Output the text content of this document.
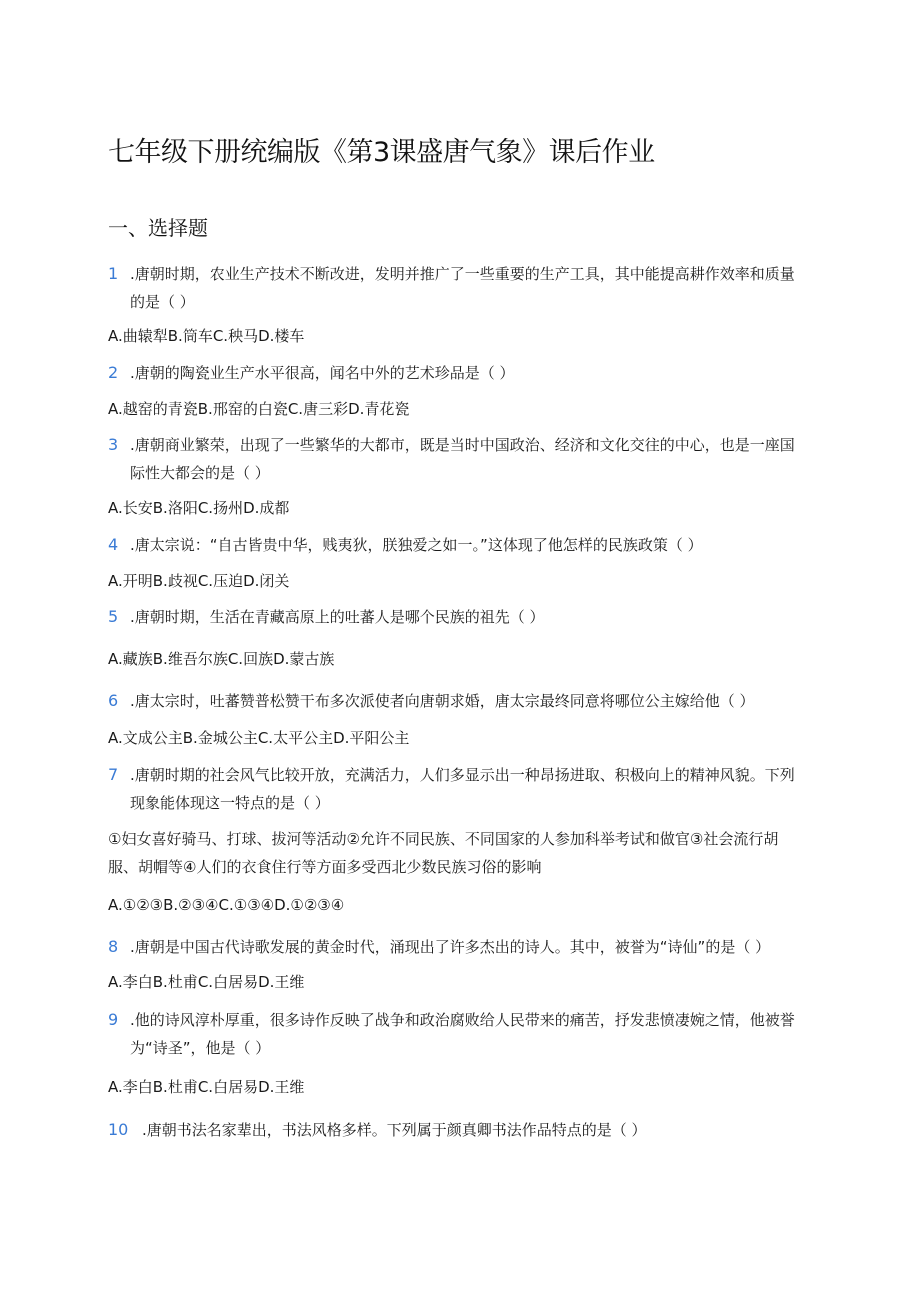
七年级下册统编版《第3课盛唐气象》课后作业
一、选择题
1 .唐朝时期，农业生产技术不断改进，发明并推广了一些重要的生产工具，其中能提高耕作效率和质量的是（ ）
A.曲辕犁B.筒车C.秧马D.楼车
2 .唐朝的陶瓷业生产水平很高，闻名中外的艺术珍品是（ ）
A.越窑的青瓷B.邢窑的白瓷C.唐三彩D.青花瓷
3 .唐朝商业繁荣，出现了一些繁华的大都市，既是当时中国政治、经济和文化交往的中心，也是一座国际性大都会的是（ ）
A.长安B.洛阳C.扬州D.成都
4 .唐太宗说：“自古皆贵中华，贱夷狄，朕独爱之如一。”这体现了他怎样的民族政策（ ）
A.开明B.歧视C.压迫D.闭关
5 .唐朝时期，生活在青藏高原上的吐蕃人是哪个民族的祖先（ ）
A.藏族B.维吾尔族C.回族D.蒙古族
6 .唐太宗时，吐蕃赞普松赞干布多次派使者向唐朝求婚，唐太宗最终同意将哪位公主嫁给他（ ）
A.文成公主B.金城公主C.太平公主D.平阳公主
7 .唐朝时期的社会风气比较开放，充满活力，人们多显示出一种昂扬进取、积极向上的精神风貌。下列现象能体现这一特点的是（ ）
①妇女喜好骑马、打球、拔河等活动②允许不同民族、不同国家的人参加科举考试和做官③社会流行胡服、胡帽等④人们的衣食住行等方面多受西北少数民族习俗的影响
A.①②③B.②③④C.①③④D.①②③④
8 .唐朝是中国古代诗歌发展的黄金时代，涌现出了许多杰出的诗人。其中，被誉为“诗仙”的是（ ）
A.李白B.杜甫C.白居易D.王维
9 .他的诗风淳朴厚重，很多诗作反映了战争和政治腐败给人民带来的痛苦，抒发悲愤凄婉之情，他被誉为“诗圣”，他是（ ）
A.李白B.杜甫C.白居易D.王维
10 .唐朝书法名家辈出，书法风格多样。下列属于颜真卿书法作品特点的是（ ）
